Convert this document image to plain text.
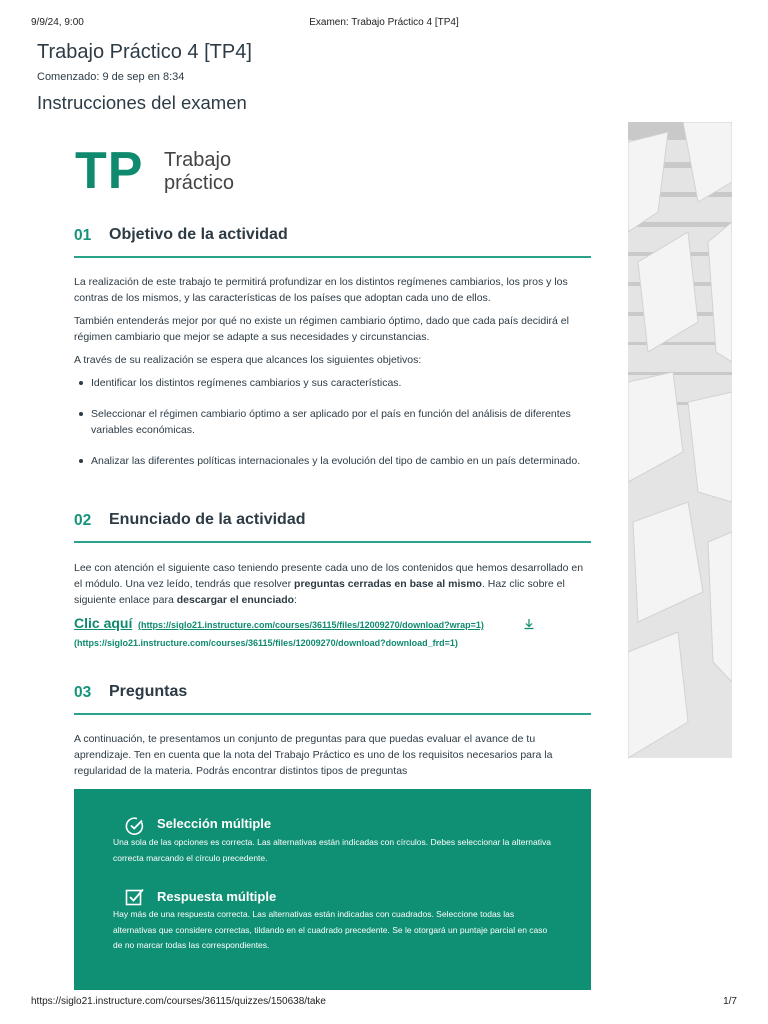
9/9/24, 9:00	Examen: Trabajo Práctico 4 [TP4]
Trabajo Práctico 4 [TP4]
Comenzado: 9 de sep en 8:34
Instrucciones del examen
TP Trabajo
práctico
01 Objetivo de la actividad

La realización de este trabajo te permitirá profundizar en los distintos regímenes cambiarios, los pros y los contras de los mismos, y las características de los países que adoptan cada uno de ellos.

También entenderás mejor por qué no existe un régimen cambiario óptimo, dado que cada país decidirá el régimen cambiario que mejor se adapte a sus necesidades y circunstancias.

A través de su realización se espera que alcances los siguientes objetivos:

Identificar los distintos regímenes cambiarios y sus características.
Seleccionar el régimen cambiario óptimo a ser aplicado por el país en función del análisis de diferentes variables económicas.
Analizar las diferentes políticas internacionales y la evolución del tipo de cambio en un país determinado.
02 Enunciado de la actividad

Lee con atención el siguiente caso teniendo presente cada uno de los contenidos que hemos desarrollado en el módulo. Una vez leído, tendrás que resolver preguntas cerradas en base al mismo. Haz clic sobre el siguiente enlace para descargar el enunciado:

Clic aquí (https://siglo21.instructure.com/courses/36115/files/12009270/download?wrap=1)
(https://siglo21.instructure.com/courses/36115/files/12009270/download?download_frd=1)
03 Preguntas

A continuación, te presentamos un conjunto de preguntas para que puedas evaluar el avance de tu aprendizaje. Ten en cuenta que la nota del Trabajo Práctico es uno de los requisitos necesarios para la regularidad de la materia. Podrás encontrar distintos tipos de preguntas

Selección múltiple

Una sola de las opciones es correcta. Las alternativas están indicadas con círculos. Debes seleccionar la alternativa correcta marcando el círculo precedente.

Respuesta múltiple

Hay más de una respuesta correcta. Las alternativas están indicadas con cuadrados. Seleccione todas las alternativas que considere correctas, tildando en el cuadrado precedente. Se le otorgará un puntaje parcial en caso de no marcar todas las correspondientes.

https://siglo21.instructure.com/courses/36115/quizzes/150638/take	1/7
